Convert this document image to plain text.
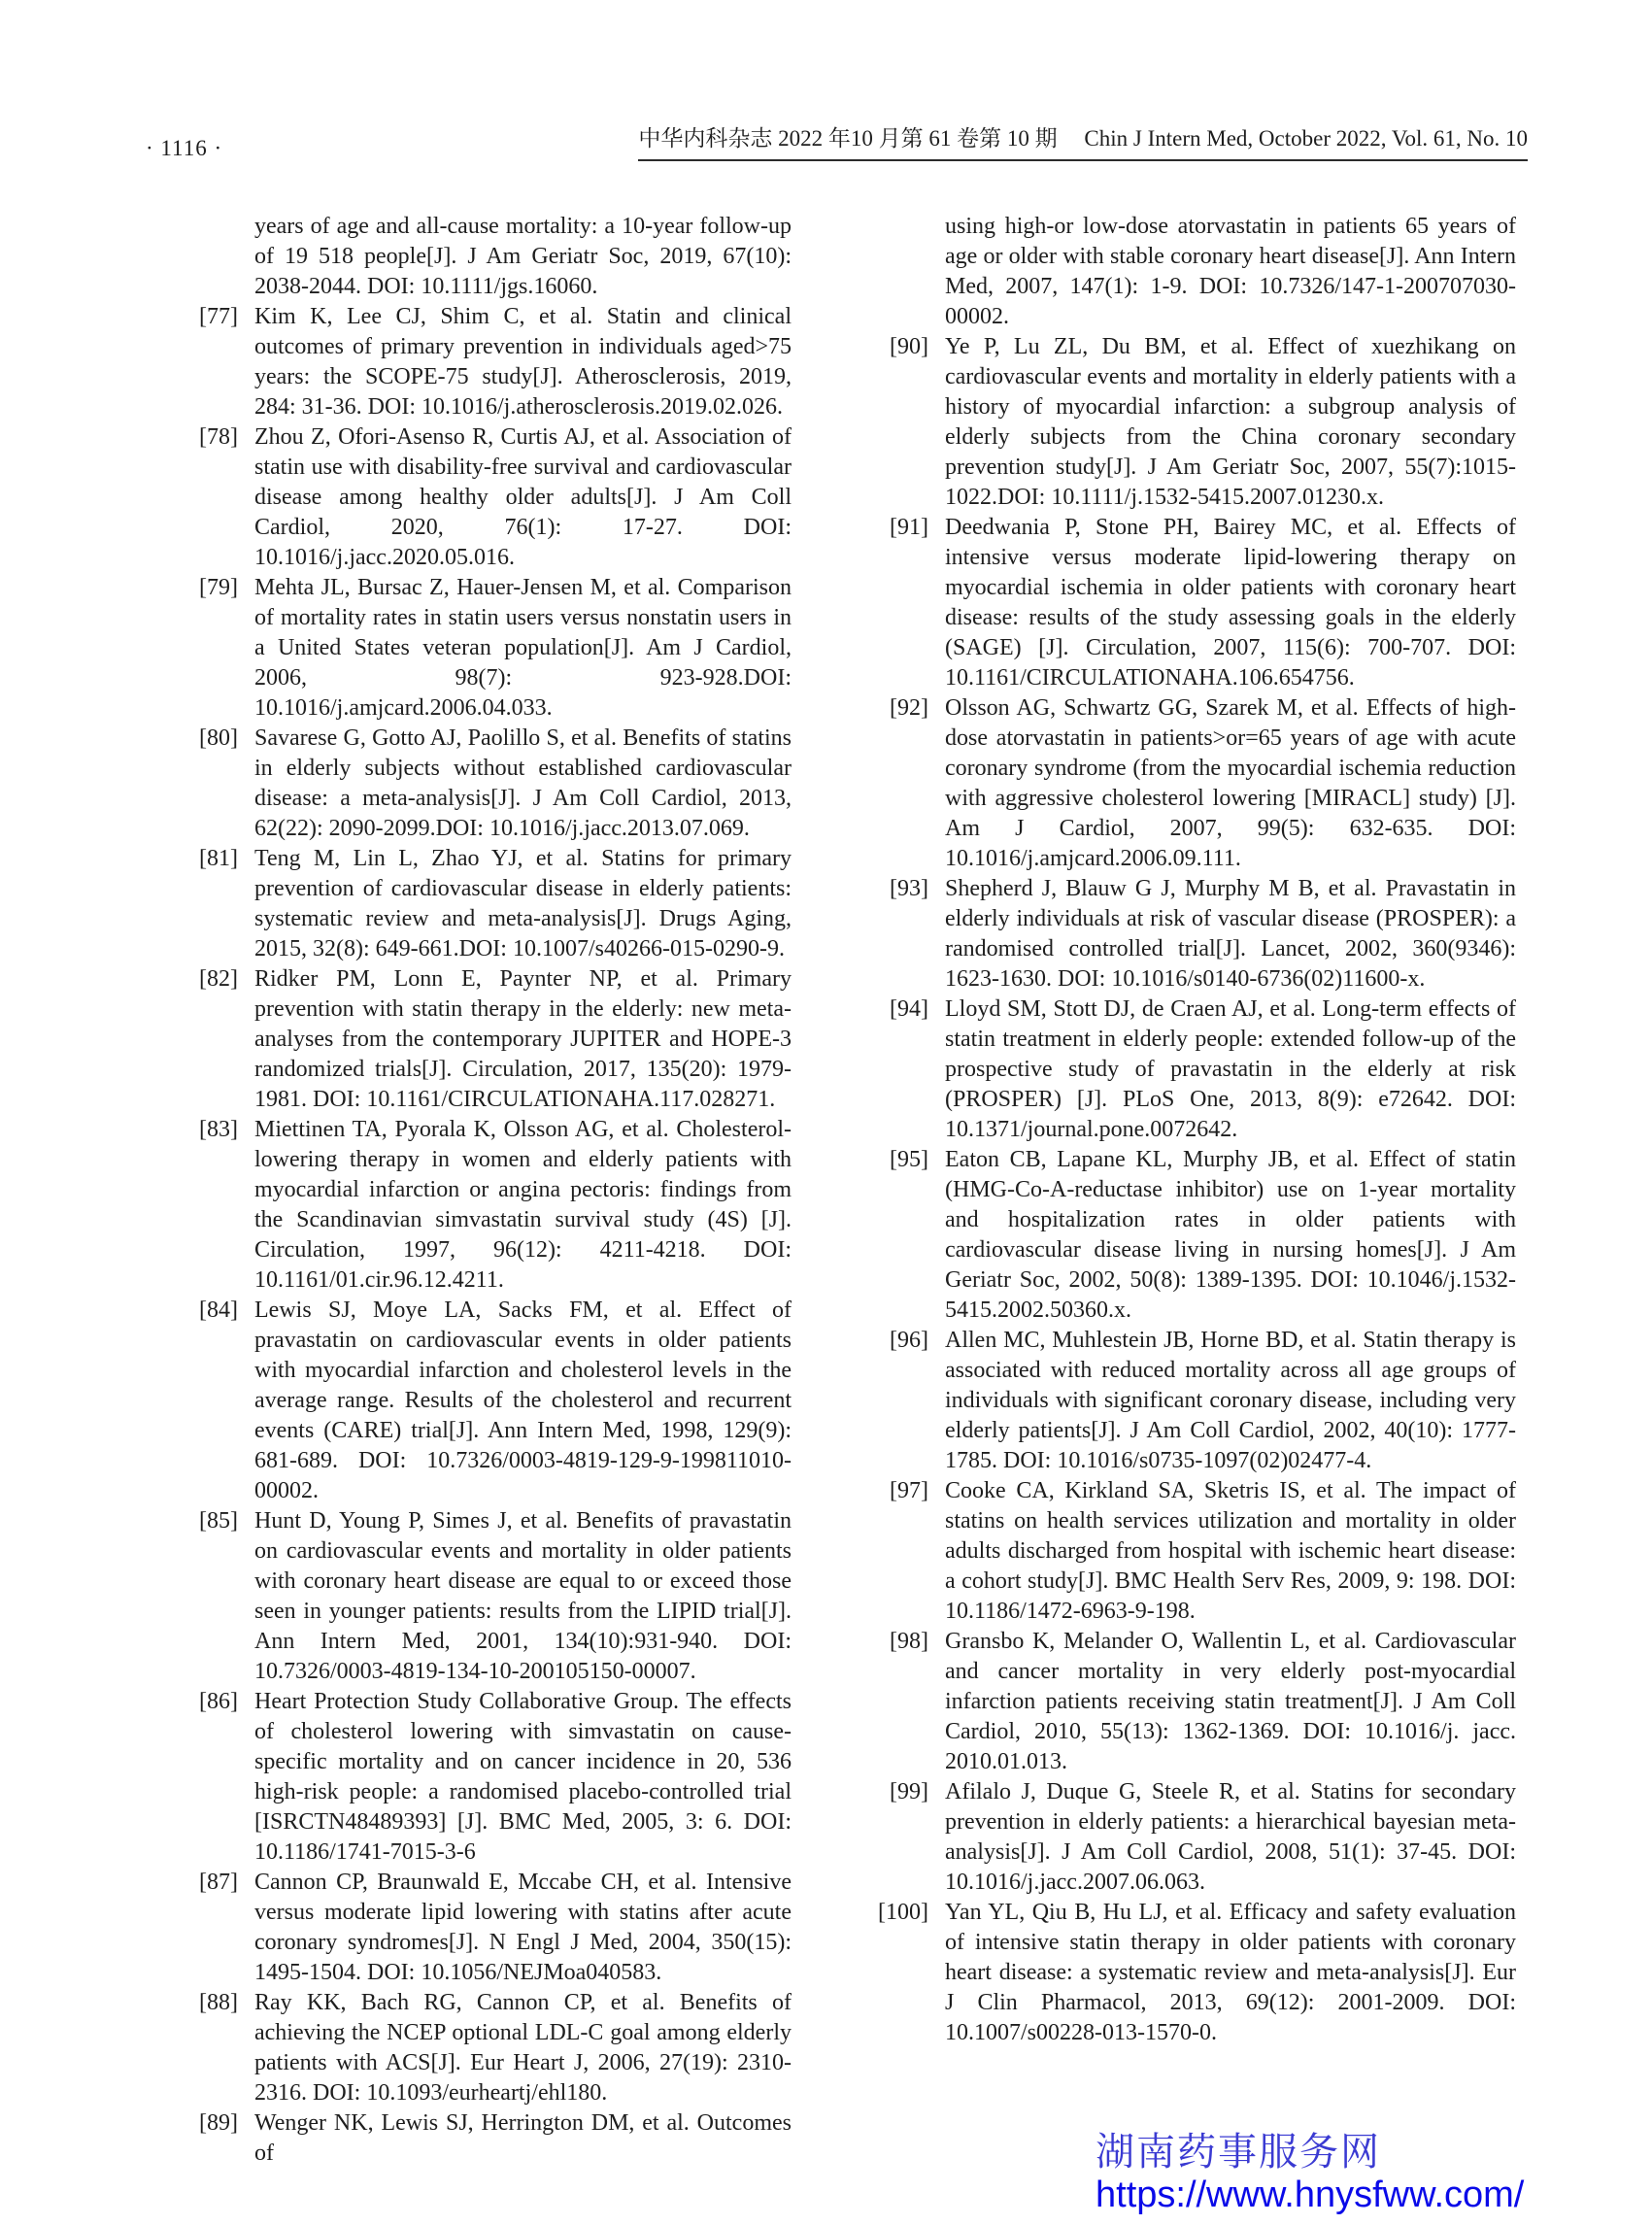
· 1116 ·	中华内科杂志 2022 年10 月第 61 卷第 10 期 Chin J Intern Med, October 2022, Vol. 61, No. 10
years of age and all-cause mortality: a 10-year follow-up of 19 518 people[J]. J Am Geriatr Soc, 2019, 67(10): 2038-2044. DOI: 10.1111/jgs.16060.
[77] Kim K, Lee CJ, Shim C, et al. Statin and clinical outcomes of primary prevention in individuals aged>75 years: the SCOPE-75 study[J]. Atherosclerosis, 2019, 284: 31-36. DOI: 10.1016/j.atherosclerosis.2019.02.026.
[78] Zhou Z, Ofori-Asenso R, Curtis AJ, et al. Association of statin use with disability-free survival and cardiovascular disease among healthy older adults[J]. J Am Coll Cardiol, 2020, 76(1): 17-27. DOI: 10.1016/j.jacc.2020.05.016.
[79] Mehta JL, Bursac Z, Hauer-Jensen M, et al. Comparison of mortality rates in statin users versus nonstatin users in a United States veteran population[J]. Am J Cardiol, 2006, 98(7): 923-928.DOI: 10.1016/j.amjcard.2006.04.033.
[80] Savarese G, Gotto AJ, Paolillo S, et al. Benefits of statins in elderly subjects without established cardiovascular disease: a meta-analysis[J]. J Am Coll Cardiol, 2013, 62(22): 2090-2099.DOI: 10.1016/j.jacc.2013.07.069.
[81] Teng M, Lin L, Zhao YJ, et al. Statins for primary prevention of cardiovascular disease in elderly patients: systematic review and meta-analysis[J]. Drugs Aging, 2015, 32(8): 649-661.DOI: 10.1007/s40266-015-0290-9.
[82] Ridker PM, Lonn E, Paynter NP, et al. Primary prevention with statin therapy in the elderly: new meta-analyses from the contemporary JUPITER and HOPE-3 randomized trials[J]. Circulation, 2017, 135(20): 1979-1981. DOI: 10.1161/CIRCULATIONAHA.117.028271.
[83] Miettinen TA, Pyorala K, Olsson AG, et al. Cholesterol-lowering therapy in women and elderly patients with myocardial infarction or angina pectoris: findings from the Scandinavian simvastatin survival study (4S) [J]. Circulation, 1997, 96(12): 4211-4218. DOI: 10.1161/01.cir.96.12.4211.
[84] Lewis SJ, Moye LA, Sacks FM, et al. Effect of pravastatin on cardiovascular events in older patients with myocardial infarction and cholesterol levels in the average range. Results of the cholesterol and recurrent events (CARE) trial[J]. Ann Intern Med, 1998, 129(9): 681-689. DOI: 10.7326/0003-4819-129-9-199811010-00002.
[85] Hunt D, Young P, Simes J, et al. Benefits of pravastatin on cardiovascular events and mortality in older patients with coronary heart disease are equal to or exceed those seen in younger patients: results from the LIPID trial[J]. Ann Intern Med, 2001, 134(10):931-940. DOI: 10.7326/0003-4819-134-10-200105150-00007.
[86] Heart Protection Study Collaborative Group. The effects of cholesterol lowering with simvastatin on cause-specific mortality and on cancer incidence in 20, 536 high-risk people: a randomised placebo-controlled trial [ISRCTN48489393] [J]. BMC Med, 2005, 3: 6. DOI: 10.1186/1741-7015-3-6
[87] Cannon CP, Braunwald E, Mccabe CH, et al. Intensive versus moderate lipid lowering with statins after acute coronary syndromes[J]. N Engl J Med, 2004, 350(15): 1495-1504. DOI: 10.1056/NEJMoa040583.
[88] Ray KK, Bach RG, Cannon CP, et al. Benefits of achieving the NCEP optional LDL-C goal among elderly patients with ACS[J]. Eur Heart J, 2006, 27(19): 2310-2316. DOI: 10.1093/eurheartj/ehl180.
[89] Wenger NK, Lewis SJ, Herrington DM, et al. Outcomes of
using high-or low-dose atorvastatin in patients 65 years of age or older with stable coronary heart disease[J]. Ann Intern Med, 2007, 147(1): 1-9. DOI: 10.7326/147-1-200707030-00002.
[90] Ye P, Lu ZL, Du BM, et al. Effect of xuezhikang on cardiovascular events and mortality in elderly patients with a history of myocardial infarction: a subgroup analysis of elderly subjects from the China coronary secondary prevention study[J]. J Am Geriatr Soc, 2007, 55(7):1015-1022.DOI: 10.1111/j.1532-5415.2007.01230.x.
[91] Deedwania P, Stone PH, Bairey MC, et al. Effects of intensive versus moderate lipid-lowering therapy on myocardial ischemia in older patients with coronary heart disease: results of the study assessing goals in the elderly (SAGE) [J]. Circulation, 2007, 115(6): 700-707. DOI: 10.1161/CIRCULATIONAHA.106.654756.
[92] Olsson AG, Schwartz GG, Szarek M, et al. Effects of high-dose atorvastatin in patients>or=65 years of age with acute coronary syndrome (from the myocardial ischemia reduction with aggressive cholesterol lowering [MIRACL] study) [J]. Am J Cardiol, 2007, 99(5): 632-635. DOI: 10.1016/j.amjcard.2006.09.111.
[93] Shepherd J, Blauw G J, Murphy M B, et al. Pravastatin in elderly individuals at risk of vascular disease (PROSPER): a randomised controlled trial[J]. Lancet, 2002, 360(9346): 1623-1630. DOI: 10.1016/s0140-6736(02)11600-x.
[94] Lloyd SM, Stott DJ, de Craen AJ, et al. Long-term effects of statin treatment in elderly people: extended follow-up of the prospective study of pravastatin in the elderly at risk (PROSPER) [J]. PLoS One, 2013, 8(9): e72642. DOI: 10.1371/journal.pone.0072642.
[95] Eaton CB, Lapane KL, Murphy JB, et al. Effect of statin (HMG-Co-A-reductase inhibitor) use on 1-year mortality and hospitalization rates in older patients with cardiovascular disease living in nursing homes[J]. J Am Geriatr Soc, 2002, 50(8): 1389-1395. DOI: 10.1046/j.1532-5415.2002.50360.x.
[96] Allen MC, Muhlestein JB, Horne BD, et al. Statin therapy is associated with reduced mortality across all age groups of individuals with significant coronary disease, including very elderly patients[J]. J Am Coll Cardiol, 2002, 40(10): 1777-1785. DOI: 10.1016/s0735-1097(02)02477-4.
[97] Cooke CA, Kirkland SA, Sketris IS, et al. The impact of statins on health services utilization and mortality in older adults discharged from hospital with ischemic heart disease: a cohort study[J]. BMC Health Serv Res, 2009, 9: 198. DOI: 10.1186/1472-6963-9-198.
[98] Gransbo K, Melander O, Wallentin L, et al. Cardiovascular and cancer mortality in very elderly post-myocardial infarction patients receiving statin treatment[J]. J Am Coll Cardiol, 2010, 55(13): 1362-1369. DOI: 10.1016/j. jacc. 2010.01.013.
[99] Afilalo J, Duque G, Steele R, et al. Statins for secondary prevention in elderly patients: a hierarchical bayesian meta-analysis[J]. J Am Coll Cardiol, 2008, 51(1): 37-45. DOI: 10.1016/j.jacc.2007.06.063.
[100] Yan YL, Qiu B, Hu LJ, et al. Efficacy and safety evaluation of intensive statin therapy in older patients with coronary heart disease: a systematic review and meta-analysis[J]. Eur J Clin Pharmacol, 2013, 69(12): 2001-2009. DOI: 10.1007/s00228-013-1570-0.
湖南药事服务网
https://www.hnysfww.com/
